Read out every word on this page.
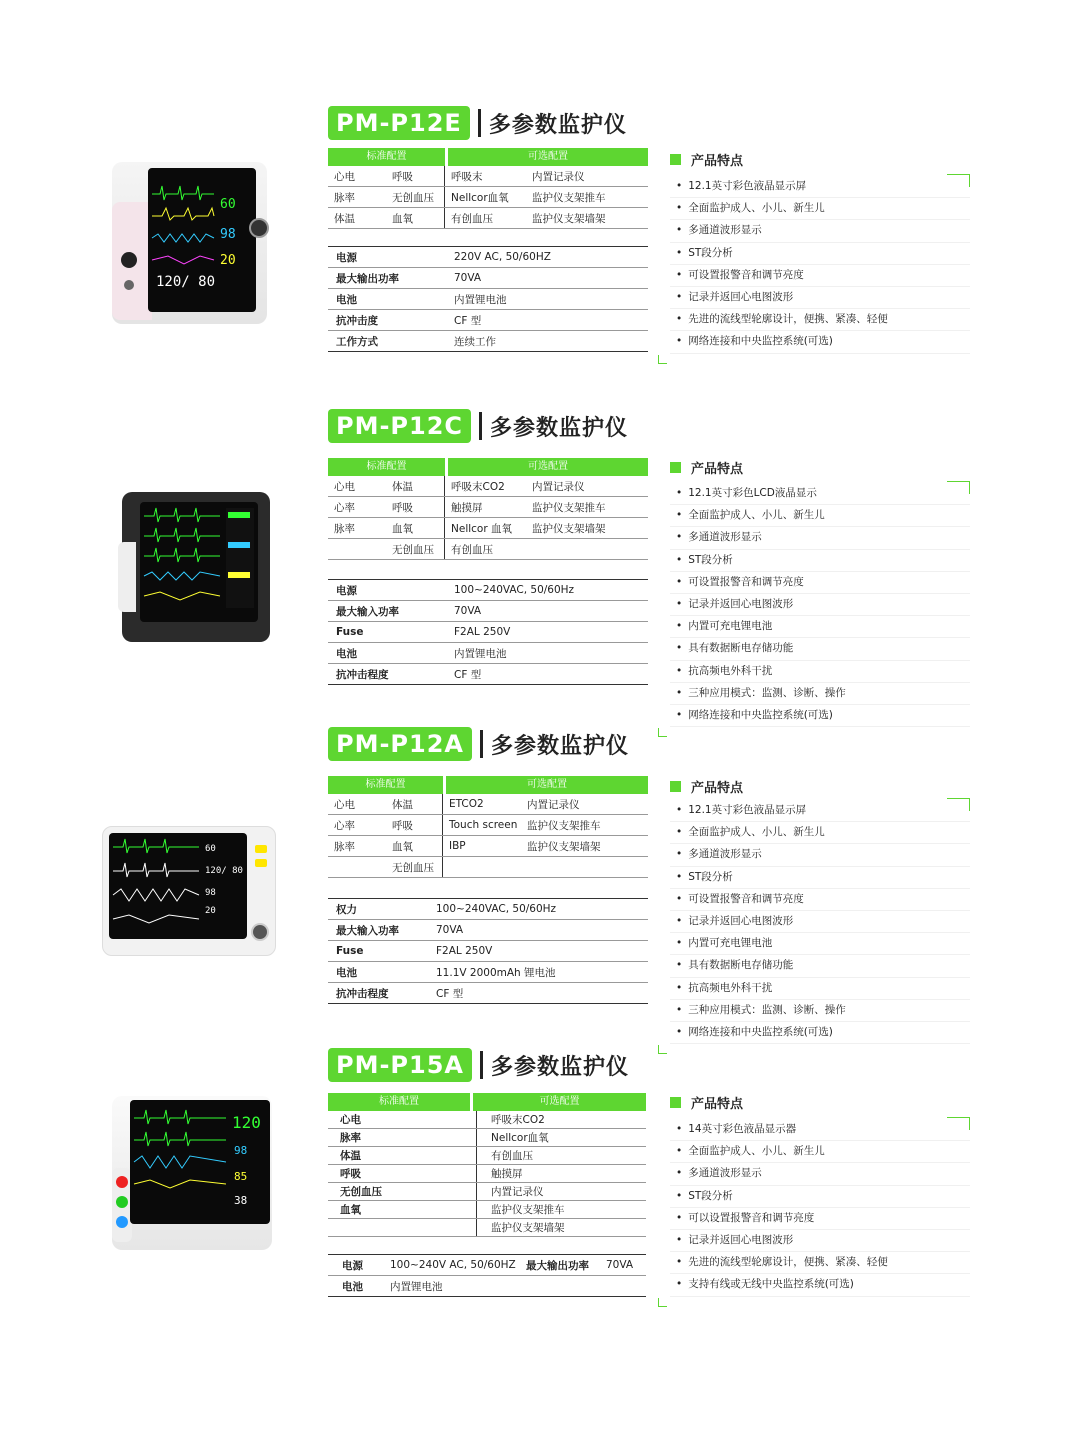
PM-P12E	多参数监护仪
60
98
20
120/ 80
标准配置	可选配置
心电	呼吸	呼吸末	内置记录仪
脉率	无创血压	Nellcor血氧	监护仪支架推车
体温	血氧	有创血压	监护仪支架墙架
电源	220V AC, 50/60HZ
最大输出功率	70VA
电池	内置锂电池
抗冲击度	CF 型
工作方式	连续工作
产品特点
• 12.1英寸彩色液晶显示屏
• 全面监护成人、小儿、新生儿
• 多通道波形显示
• ST段分析
• 可设置报警音和调节亮度
• 记录并返回心电图波形
• 先进的流线型轮廓设计，便携、紧凑、轻便
• 网络连接和中央监控系统(可选)
PM-P12C	多参数监护仪
标准配置	可选配置
心电	体温	呼吸末CO2	内置记录仪
心率	呼吸	触摸屏	监护仪支架推车
脉率	血氧	Nellcor 血氧	监护仪支架墙架
	无创血压	有创血压	
电源	100~240VAC, 50/60Hz
最大输入功率	70VA
Fuse	F2AL 250V
电池	内置锂电池
抗冲击程度	CF 型
产品特点
• 12.1英寸彩色LCD液晶显示
• 全面监护成人、小儿、新生儿
• 多通道波形显示
• ST段分析
• 可设置报警音和调节亮度
• 记录并返回心电图波形
• 内置可充电锂电池
• 具有数据断电存储功能
• 抗高频电外科干扰
• 三种应用模式：监测、诊断、操作
• 网络连接和中央监控系统(可选)
PM-P12A	多参数监护仪
60
120/ 80
98
20
标准配置	可选配置
心电	体温	ETCO2	内置记录仪
心率	呼吸	Touch screen	监护仪支架推车
脉率	血氧	IBP	监护仪支架墙架
	无创血压		
权力	100~240VAC, 50/60Hz
最大输入功率	70VA
Fuse	F2AL 250V
电池	11.1V 2000mAh 锂电池
抗冲击程度	CF 型
产品特点
• 12.1英寸彩色液晶显示屏
• 全面监护成人、小儿、新生儿
• 多通道波形显示
• ST段分析
• 可设置报警音和调节亮度
• 记录并返回心电图波形
• 内置可充电锂电池
• 具有数据断电存储功能
• 抗高频电外科干扰
• 三种应用模式：监测、诊断、操作
• 网络连接和中央监控系统(可选)
PM-P15A	多参数监护仪
120
98
85
38
标准配置	可选配置
心电	呼吸末CO2
脉率	Nellcor血氧
体温	有创血压
呼吸	触摸屏
无创血压	内置记录仪
血氧	监护仪支架推车
	监护仪支架墙架
电源	100~240V AC, 50/60HZ	最大输出功率	70VA
电池	内置锂电池		
产品特点
• 14英寸彩色液晶显示器
• 全面监护成人、小儿、新生儿
• 多通道波形显示
• ST段分析
• 可以设置报警音和调节亮度
• 记录并返回心电图波形
• 先进的流线型轮廓设计，便携、紧凑、轻便
• 支持有线或无线中央监控系统(可选)
